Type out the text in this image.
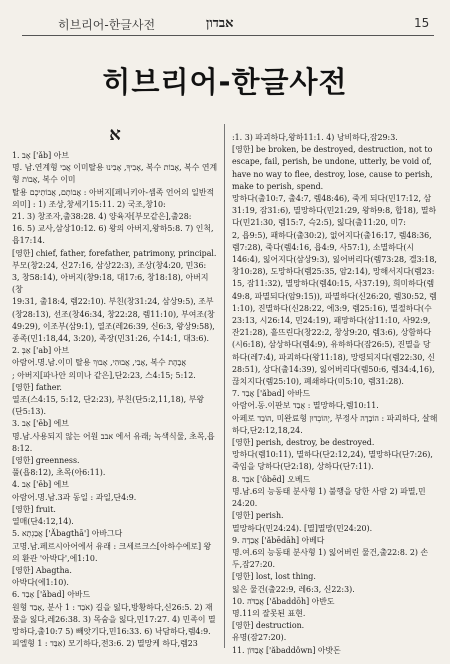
히브리어-한글사전	אבדון	15
히브리어-한글사전
א
1. אָב ['ǎb] 아브
명. 남.연계형 אֲבִי 이미탈용 אָבִיךָ, אָבִינוּ, 복수 אָבוֹת, 복수 연계형 אֲבוֹת, 복수 이미
탈용 אֲבוֹתָם, אֲבוֹתֵיכֶם : 아버지[페니키아-셈족 언어의 일반적 의미] : 1) 조상,창세기15:11. 2) 국조,창10:
21. 3) 창조자,출38:28. 4) 양육자[부모같은],출28:
16. 5) 교사,삼상10:12. 6) 왕의 아버지,왕하5:8. 7) 인척,욥17:14.
[영한] chief, father, forefather, patrimony, principal.
부모(창2:24, 신27:16, 삼상22:3), 조상(창4:20, 민36:
3, 창58:14), 아버지(창9:18, 대17:6, 창18:18), 아버지(창
19:31, 출18:4, 렘22:10). 부친(창31:24, 삼상9:5), 조부
(창28:13), 선조(창46:34, 창22:28, 렘11:10), 부여조(창
49:29), 이조부(삼9:1), 열조(레26:39, 신6:3, 왕상9:58),
종족(민1:18,44, 3:20), 족장(민31:26, 수14:1, 대3:6).
2. אַבְּ ['ab] 아브
아람어.명.남.이미 탈용 אָבִי, אֲבוּהִי, אָבוּךְ, 복수 אֲבָהָת
; 아버지[파나안 의미나 같은],단2:23, 스4:15; 5:12.
[영한] father.
열조(스4:15, 5:12, 단2:23), 부친(단5:2,11,18), 부왕
(단5:13).
3. אֵב ['ēb] 에브
명.남.사용되지 않는 어원 אבב 에서 유래; 녹색식물, 초목,욥8:12.
[영한] greenness.
풀(욥8:12), 초목(아6:11).
4. אֵב ['ēb] 에브
아람어.명.남.3과 동일 : 과일,단4:9.
[영한] fruit.
열매(단4:12,14).
5. אֲבַגְתָא ['Ăbagthā'] 아바그다
고명.남.페르시아어에서 유래 : 크세르크스[아하수에로] 왕의 환관 '아박다',에1:10.
[영한] Abagtha.
아박다(에1:10).
6. אָבַד ['ǎbad] 아바드
원형 אָבַד, 분사 אֹבֵד : 1) 길을 잃다,방황하다,신26:5. 2) 재물을 잃다,레26:38. 3) 목숨을 잃다,민17:27. 4) 민족이 멸망하다,출10:7 5) 빼앗기다,민16:33. 6) 낙담하다,렘4:9.
피엘형 אִבֵּד : 1) 모기하다,전3:6. 2) 멸망케 하다,렘23
:1. 3) 파괴하다,왕하11:1. 4) 낭비하다,잠29:3.
[영한] be broken, be destroyed, destruction, not to escape, fail, perish, be undone, utterly, be void of, have no way to flee, destroy, lose, cause to perish, make to perish, spend.
망하다(출10:7, 출4:7, 렘48:46), 죽게 되다(민17:12, 삼31:19, 잠31:6), 멸망하다(민21:29, 왕하9:8, 합18), 멸하다(민21:30, 렘15:7, 슥2:5), 잃다(출11:20, 미7:
2, 욥9:5), 패하다(출30:2), 없어지다(출16:17, 렘48:36, 렘7:28), 죽다(렘4:16, 욥4:9, 사57:1), 소멸하다(시146:4), 잃어지다(삼상9:3), 잃어버리다(렘73:28, 겔3:18, 창10:28), 도망하다(렘25:35, 암2:14), 망해서지다(렘23:
15, 잠11:32), 멸망하다(렘40:15, 사37:19), 희미하다(렘49:8, 파멸되다(암9:15)), 파멸하다(신26:20, 렘30:52, 렘1:10), 진멸하다(신28:22, 에3:9, 렘25:16), 멸절하다(수23:13, 시26:14, 민24:19), 패망하다(삼11:10, 사92:9, 잔21:28), 흩뜨린다(창22:2, 창상9:20, 렘3:6), 상함하다(시6:18), 삼상하다(렘4:9), 유하하다(잠26:5), 진멸을 당하다(레7:4), 파괴하다(왕11:18), 망령되지다(렘22:30, 신28:51), 상다(출14:39), 잃어버리다(렘50:6, 렘34:4,16), 끊치지다(렘25:10), 폐쇄하다(미5:10, 렘31:28).
7. אֲבַד ['ăbad] 아바드
아람어.동.이판보 אֲבַד : 멸망하다,렘10:11.
아페로 הוֹבֵד, 미완료형 יְהוֹבְדוּן, 부정사 הוֹבָדָה : 파괴하다, 살해하다,단2:12,18,24.
[영한] perish, destroy, be destroyed.
망하다(렘10:11), 멸하다(단2:12,24), 멸망하다(단7:26), 죽임을 당하다(단2:18), 상하다(단7:11).
8. אֹבֵד ['ôbēd] 오베드
명.남.6의 능동태 분사형 1) 불행을 당한 사람 2) 파멸,민24:20.
[영한] perish.
멸망하다(민24:24). [멸]멸망(민24:20).
9. אֲבֵדָה ['ăbēdāh] 아베다
명.여.6의 능동태 분사형 1) 잃어버린 물건,출22:8. 2) 손두,잠27:20.
[영한] lost, lost thing.
잃은 물건(출22:9, 레6:3, 신22:3).
10. אֲבַדֹּה ['ăbaddōh] 아반도
명.11의 잘못된 표현.
[영한] destruction.
유명(잠27:20).
11. אֲבַדּוֹן ['ăbaddôwn] 아밧돈
